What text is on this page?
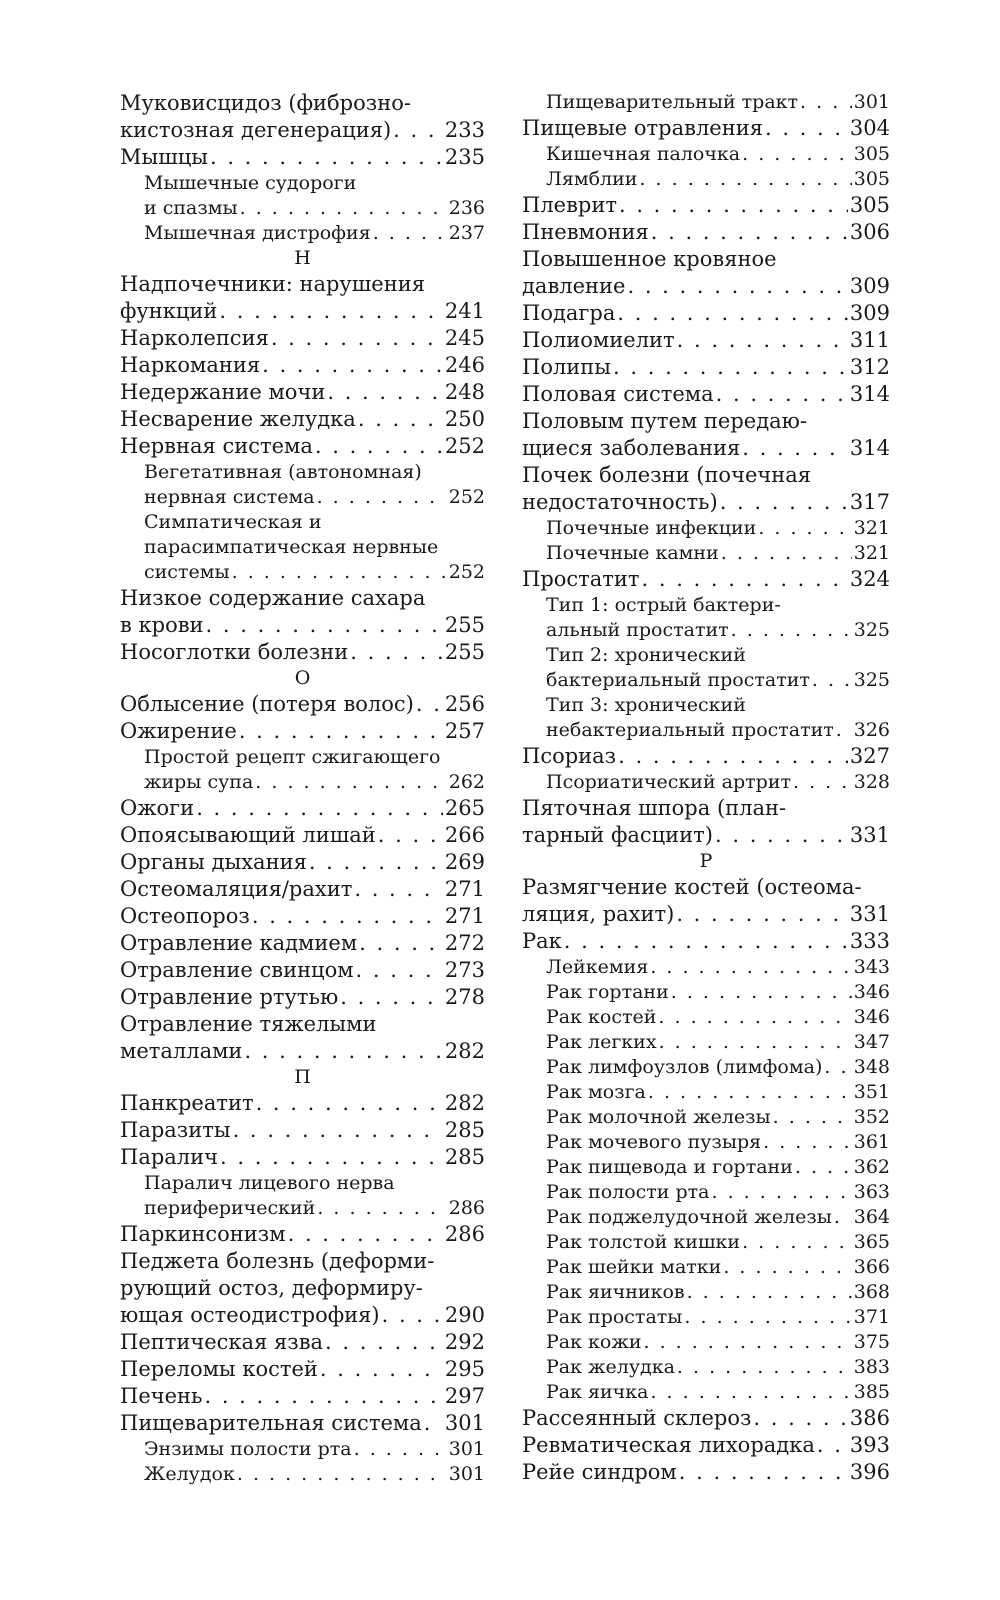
Муковисцидоз (фиброзно-
кистозная дегенерация) . . .	233
Мышцы . . .	235
Мышечные судороги
и спазмы . . .	236
Мышечная дистрофия . . .	237
Н
Надпочечники: нарушения
функций . . .	241
Нарколепсия . . .	245
Наркомания . . .	246
Недержание мочи . . .	248
Несварение желудка . . .	250
Нервная система . . .	252
Вегетативная (автономная)
нервная система . . .	252
Симпатическая и
парасимпатическая нервные
системы . . .	252
Низкое содержание сахара
в крови . . .	255
Носоглотки болезни . . .	255
О
Облысение (потеря волос) . . . 256
Ожирение . . .	257
Простой рецепт сжигающего
жиры супа . . .	262
Ожоги . . .	265
Опоясывающий лишай . . .	266
Органы дыхания . . .	269
Остеомаляция/рахит . . .	271
Остеопороз . . .	271
Отравление кадмием . . .	272
Отравление свинцом . . .	273
Отравление ртутью . . .	278
Отравление тяжелыми
металлами . . .	282
П
Панкреатит . . .	282
Паразиты . . .	285
Паралич . . .	285
Паралич лицевого нерва
периферический . . .	286
Паркинсонизм . . .	286
Педжета болезнь (деформи-
рующий остоз, деформиру-
ющая остеодистрофия) . . .	290
Пептическая язва . . .	292
Переломы костей . . .	295
Печень . . .	297
Пищеварительная система . . . 301
Энзимы полости рта . . .	301
Желудок . . .	301
Пищеварительный тракт . . .	301
Пищевые отравления . . .	304
Кишечная палочка . . .	305
Лямблии . . .	305
Плеврит . . .	305
Пневмония . . .	306
Повышенное кровяное
давление . . .	309
Подагра . . .	309
Полиомиелит . . .	311
Полипы . . .	312
Половая система . . .	314
Половым путем передаю-
щиеся заболевания . . .	314
Почек болезни (почечная
недостаточность) . . .	317
Почечные инфекции . . .	321
Почечные камни . . .	321
Простатит . . .	324
Тип 1: острый бактери-
альный простатит . . .	325
Тип 2: хронический
бактериальный простатит . . . 325
Тип 3: хронический
небактериальный простатит . . . 326
Псориаз . . .	327
Псориатический артрит . . .	328
Пяточная шпора (план-
тарный фасциит) . . .	331
Р
Размягчение костей (остеома-
ляция, рахит) . . .	331
Рак . . .	333
Лейкемия . . .	343
Рак гортани . . .	346
Рак костей . . .	346
Рак легких . . .	347
Рак лимфоузлов (лимфома) . . . 348
Рак мозга . . .	351
Рак молочной железы . . .	352
Рак мочевого пузыря . . .	361
Рак пищевода и гортани . . .	362
Рак полости рта . . .	363
Рак поджелудочной железы . . . 364
Рак толстой кишки . . .	365
Рак шейки матки . . .	366
Рак яичников . . .	368
Рак простаты . . .	371
Рак кожи . . .	375
Рак желудка . . .	383
Рак яичка . . .	385
Рассеянный склероз . . .	386
Ревматическая лихорадка . . . 393
Рейе синдром . . .	396
